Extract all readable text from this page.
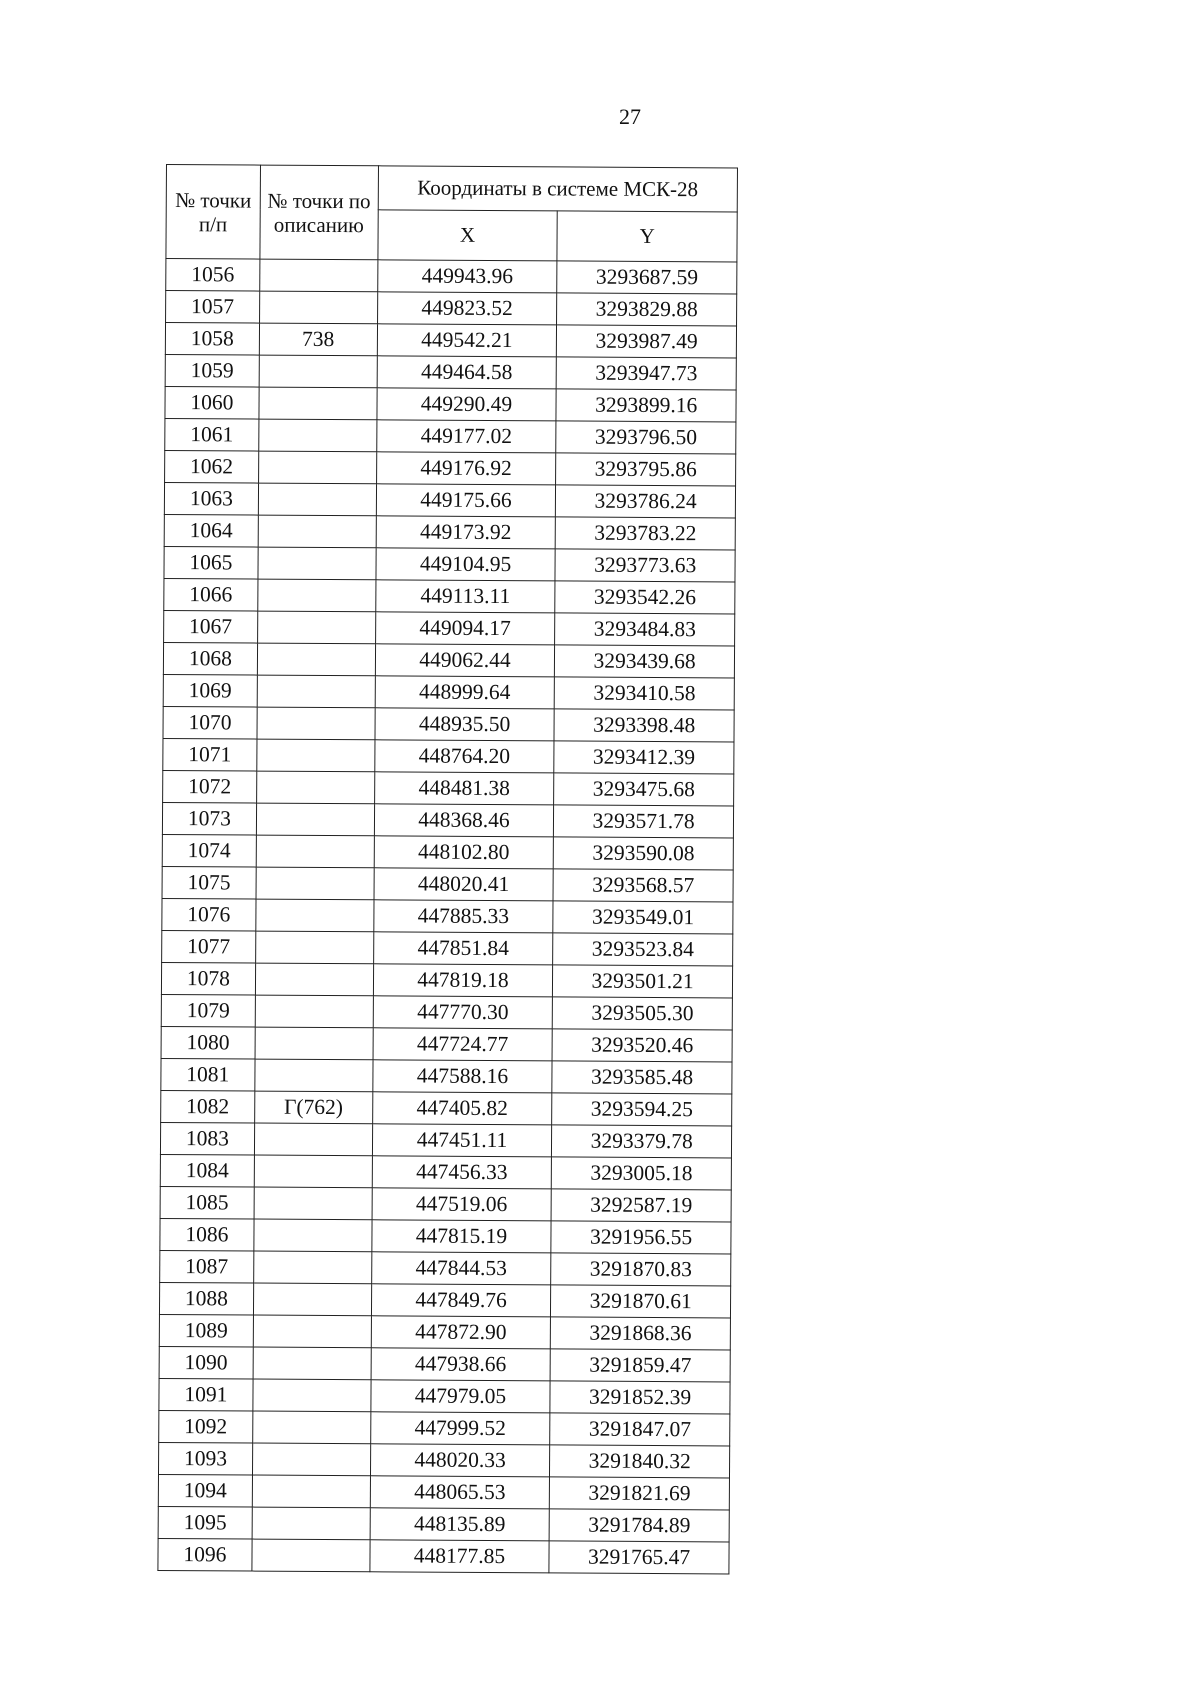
27
№ точки п/п	№ точки по описанию	Координаты в системе МСК-28	
		X	Y
1056		449943.96	3293687.59
1057		449823.52	3293829.88
1058	738	449542.21	3293987.49
1059		449464.58	3293947.73
1060		449290.49	3293899.16
1061		449177.02	3293796.50
1062		449176.92	3293795.86
1063		449175.66	3293786.24
1064		449173.92	3293783.22
1065		449104.95	3293773.63
1066		449113.11	3293542.26
1067		449094.17	3293484.83
1068		449062.44	3293439.68
1069		448999.64	3293410.58
1070		448935.50	3293398.48
1071		448764.20	3293412.39
1072		448481.38	3293475.68
1073		448368.46	3293571.78
1074		448102.80	3293590.08
1075		448020.41	3293568.57
1076		447885.33	3293549.01
1077		447851.84	3293523.84
1078		447819.18	3293501.21
1079		447770.30	3293505.30
1080		447724.77	3293520.46
1081		447588.16	3293585.48
1082	Г(762)	447405.82	3293594.25
1083		447451.11	3293379.78
1084		447456.33	3293005.18
1085		447519.06	3292587.19
1086		447815.19	3291956.55
1087		447844.53	3291870.83
1088		447849.76	3291870.61
1089		447872.90	3291868.36
1090		447938.66	3291859.47
1091		447979.05	3291852.39
1092		447999.52	3291847.07
1093		448020.33	3291840.32
1094		448065.53	3291821.69
1095		448135.89	3291784.89
1096		448177.85	3291765.47
